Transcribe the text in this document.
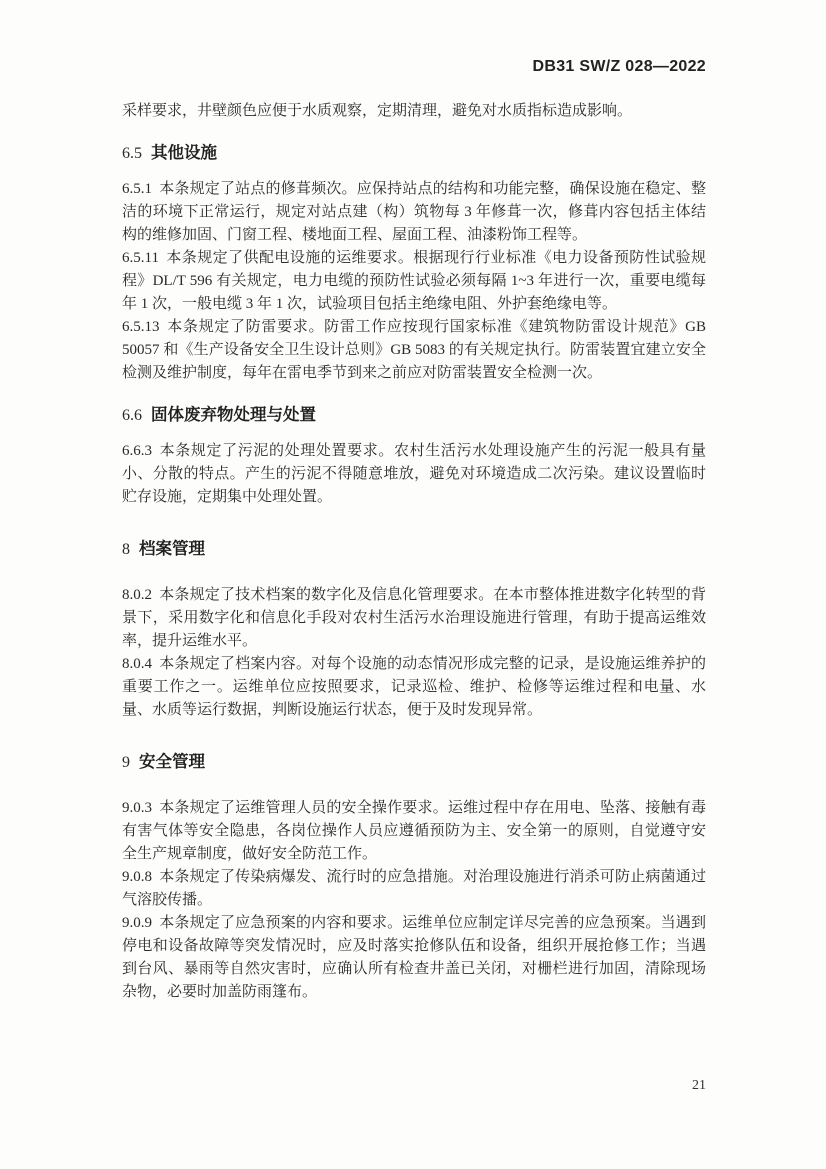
DB31 SW/Z 028—2022

采样要求，井壁颜色应便于水质观察，定期清理，避免对水质指标造成影响。

6.5 其他设施

6.5.1 本条规定了站点的修葺频次。应保持站点的结构和功能完整，确保设施在稳定、整洁的环境下正常运行，规定对站点建（构）筑物每 3 年修葺一次，修葺内容包括主体结构的维修加固、门窗工程、楼地面工程、屋面工程、油漆粉饰工程等。

6.5.11 本条规定了供配电设施的运维要求。根据现行行业标准《电力设备预防性试验规程》DL/T 596 有关规定，电力电缆的预防性试验必须每隔 1~3 年进行一次，重要电缆每年 1 次，一般电缆 3 年 1 次，试验项目包括主绝缘电阻、外护套绝缘电等。

6.5.13 本条规定了防雷要求。防雷工作应按现行国家标准《建筑物防雷设计规范》GB 50057 和《生产设备安全卫生设计总则》GB 5083 的有关规定执行。防雷装置宜建立安全检测及维护制度，每年在雷电季节到来之前应对防雷装置安全检测一次。

6.6 固体废弃物处理与处置

6.6.3 本条规定了污泥的处理处置要求。农村生活污水处理设施产生的污泥一般具有量小、分散的特点。产生的污泥不得随意堆放，避免对环境造成二次污染。建议设置临时贮存设施，定期集中处理处置。

8 档案管理

8.0.2 本条规定了技术档案的数字化及信息化管理要求。在本市整体推进数字化转型的背景下，采用数字化和信息化手段对农村生活污水治理设施进行管理，有助于提高运维效率，提升运维水平。

8.0.4 本条规定了档案内容。对每个设施的动态情况形成完整的记录，是设施运维养护的重要工作之一。运维单位应按照要求，记录巡检、维护、检修等运维过程和电量、水量、水质等运行数据，判断设施运行状态，便于及时发现异常。

9 安全管理

9.0.3 本条规定了运维管理人员的安全操作要求。运维过程中存在用电、坠落、接触有毒有害气体等安全隐患，各岗位操作人员应遵循预防为主、安全第一的原则，自觉遵守安全生产规章制度，做好安全防范工作。

9.0.8 本条规定了传染病爆发、流行时的应急措施。对治理设施进行消杀可防止病菌通过气溶胶传播。

9.0.9 本条规定了应急预案的内容和要求。运维单位应制定详尽完善的应急预案。当遇到停电和设备故障等突发情况时，应及时落实抢修队伍和设备，组织开展抢修工作；当遇到台风、暴雨等自然灾害时，应确认所有检查井盖已关闭，对栅栏进行加固，清除现场杂物，必要时加盖防雨篷布。

21
